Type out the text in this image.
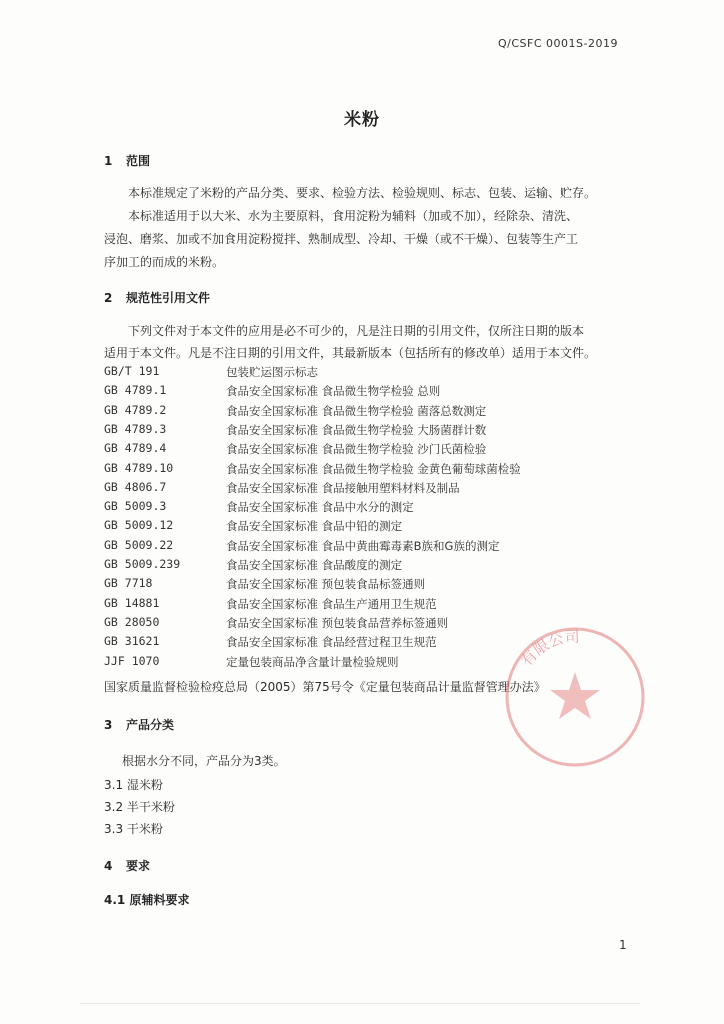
Q/CSFC 0001S-2019
米粉
1 范围
本标准规定了米粉的产品分类、要求、检验方法、检验规则、标志、包装、运输、贮存。
本标准适用于以大米、水为主要原料，食用淀粉为辅料（加或不加），经除杂、清洗、
浸泡、磨浆、加或不加食用淀粉搅拌、熟制成型、冷却、干燥（或不干燥）、包装等生产工
序加工的而成的米粉。
2 规范性引用文件
下列文件对于本文件的应用是必不可少的，凡是注日期的引用文件，仅所注日期的版本
适用于本文件。凡是不注日期的引用文件，其最新版本（包括所有的修改单）适用于本文件。
GB/T 191	包装贮运图示标志
GB 4789.1	食品安全国家标准 食品微生物学检验 总则
GB 4789.2	食品安全国家标准 食品微生物学检验 菌落总数测定
GB 4789.3	食品安全国家标准 食品微生物学检验 大肠菌群计数
GB 4789.4	食品安全国家标准 食品微生物学检验 沙门氏菌检验
GB 4789.10	食品安全国家标准 食品微生物学检验 金黄色葡萄球菌检验
GB 4806.7	食品安全国家标准 食品接触用塑料材料及制品
GB 5009.3	食品安全国家标准 食品中水分的测定
GB 5009.12	食品安全国家标准 食品中铅的测定
GB 5009.22	食品安全国家标准 食品中黄曲霉毒素B族和G族的测定
GB 5009.239	食品安全国家标准 食品酸度的测定
GB 7718	食品安全国家标准 预包装食品标签通则
GB 14881	食品安全国家标准 食品生产通用卫生规范
GB 28050	食品安全国家标准 预包装食品营养标签通则
GB 31621	食品安全国家标准 食品经营过程卫生规范
JJF 1070	定量包装商品净含量计量检验规则
国家质量监督检验检疫总局（2005）第75号令《定量包装商品计量监督管理办法》
3 产品分类
根据水分不同，产品分为3类。
3.1 湿米粉
3.2 半干米粉
3.3 干米粉
4 要求
4.1 原辅料要求
1
有限公司
